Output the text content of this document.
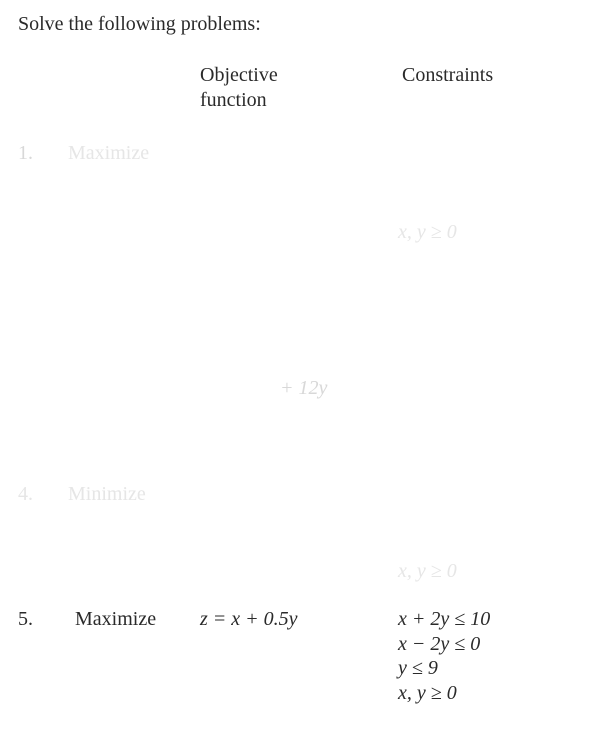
Solve the following problems:
Objective
function
Constraints
1. Maximize
x, y ≥ 0
+ 12y
4. Minimize
x, y ≥ 0
5. Maximize z = x + 0.5y	x + 2y ≤ 10
x − 2y ≤ 0
y ≤ 9
x, y ≥ 0
